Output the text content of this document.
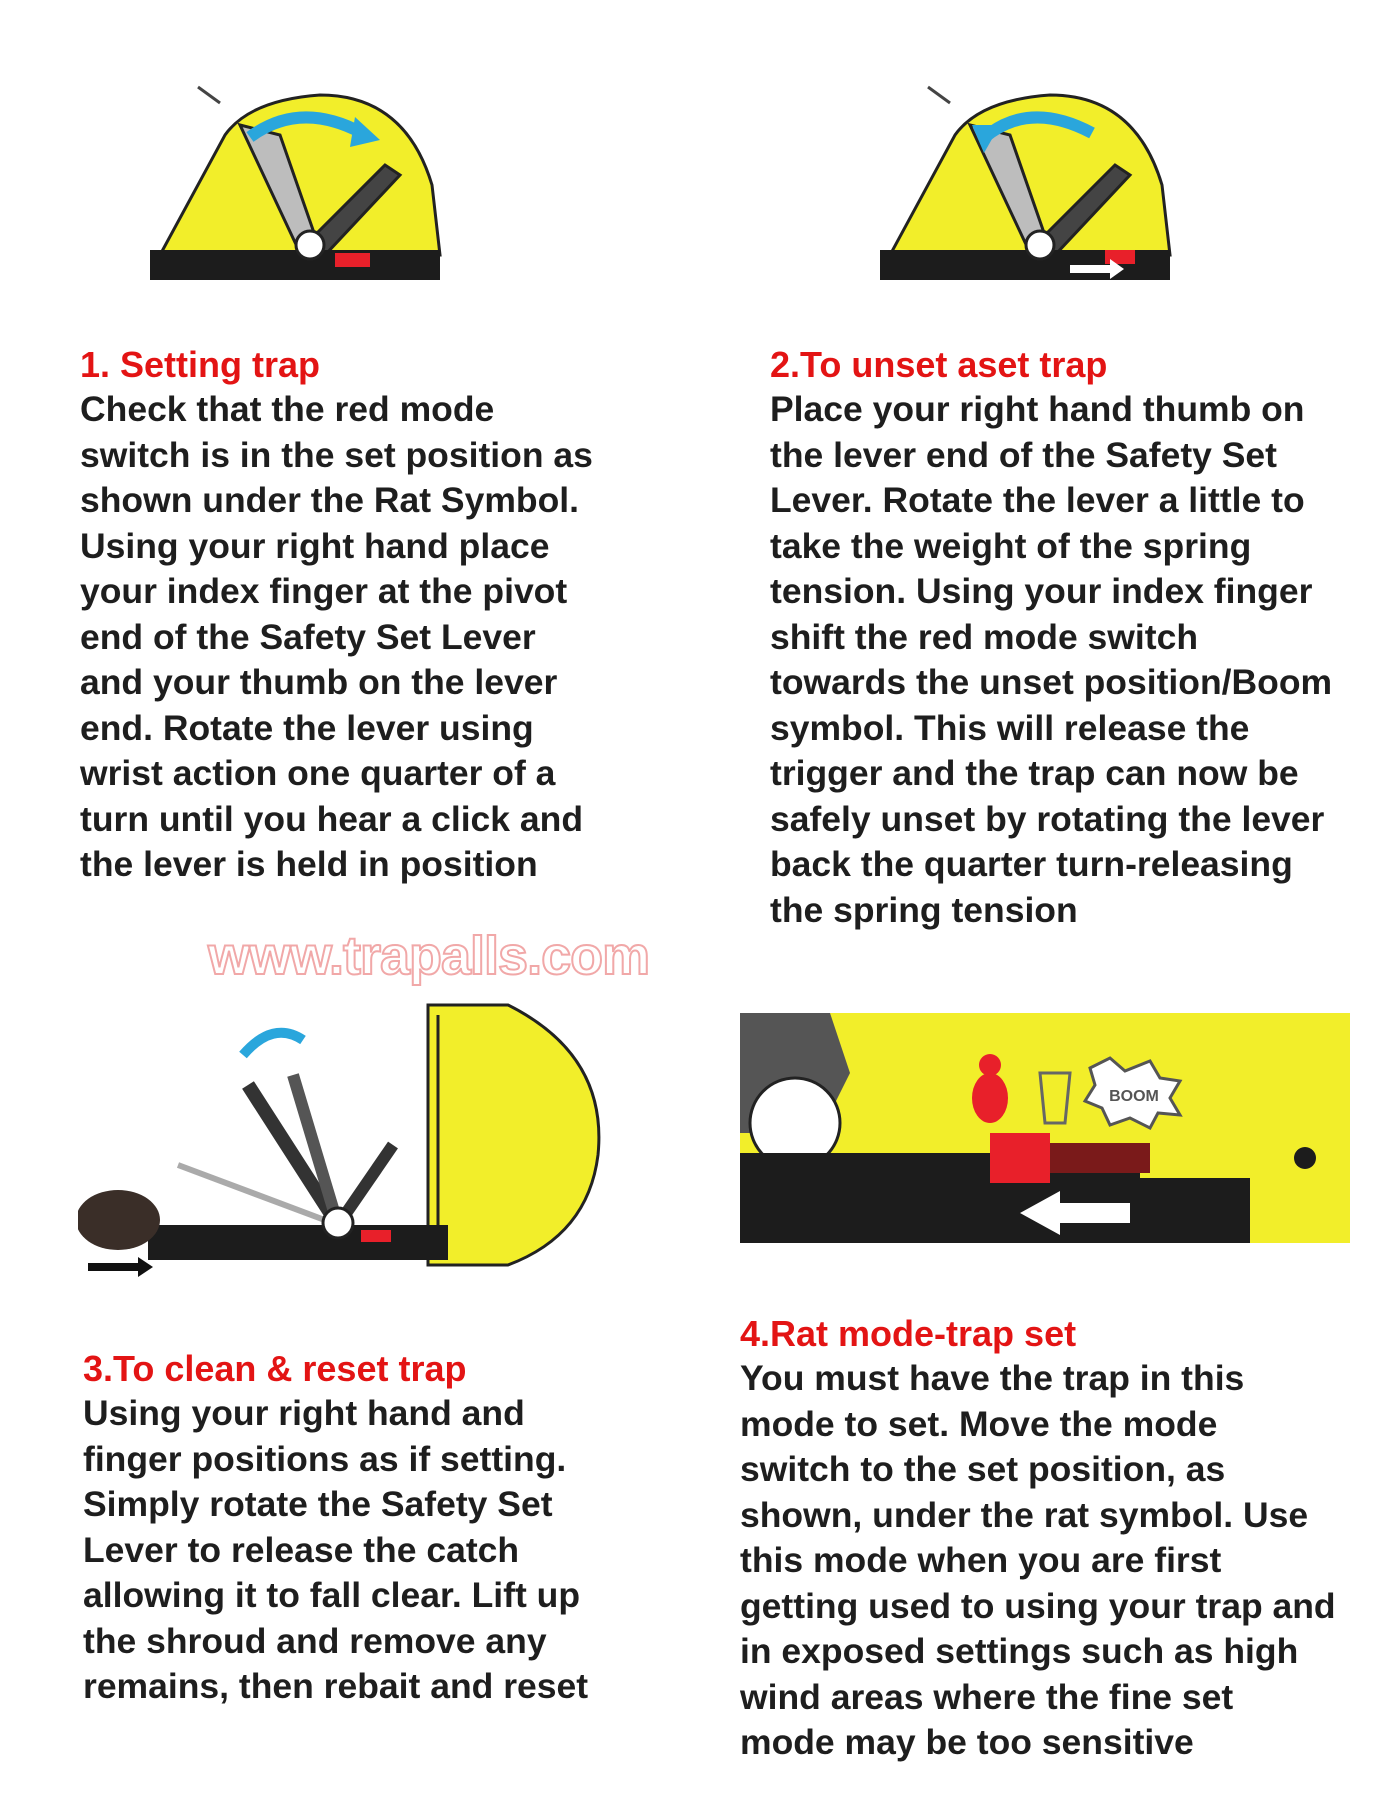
BOOM
www.trapalls.com

1. Setting trap

Check that the red mode
switch is in the set position as
shown under the Rat Symbol.
Using your right hand place
your index finger at the pivot
end of the Safety Set Lever
and your thumb on the lever
end. Rotate the lever using
wrist action one quarter of a
turn until you hear a click and
the lever is held in position

2.To unset aset trap

Place your right hand thumb on
the lever end of the Safety Set
Lever. Rotate the lever a little to
take the weight of the spring
tension. Using your index finger
shift the red mode switch
towards the unset position/Boom
symbol. This will release the
trigger and the trap can now be
safely unset by rotating the lever
back the quarter turn-releasing
the spring tension

3.To clean & reset trap

Using your right hand and
finger positions as if setting.
Simply rotate the Safety Set
Lever to release the catch
allowing it to fall clear. Lift up
the shroud and remove any
remains, then rebait and reset

4.Rat mode-trap set

You must have the trap in this
mode to set. Move the mode
switch to the set position, as
shown, under the rat symbol. Use
this mode when you are first
getting used to using your trap and
in exposed settings such as high
wind areas where the fine set
mode may be too sensitive
